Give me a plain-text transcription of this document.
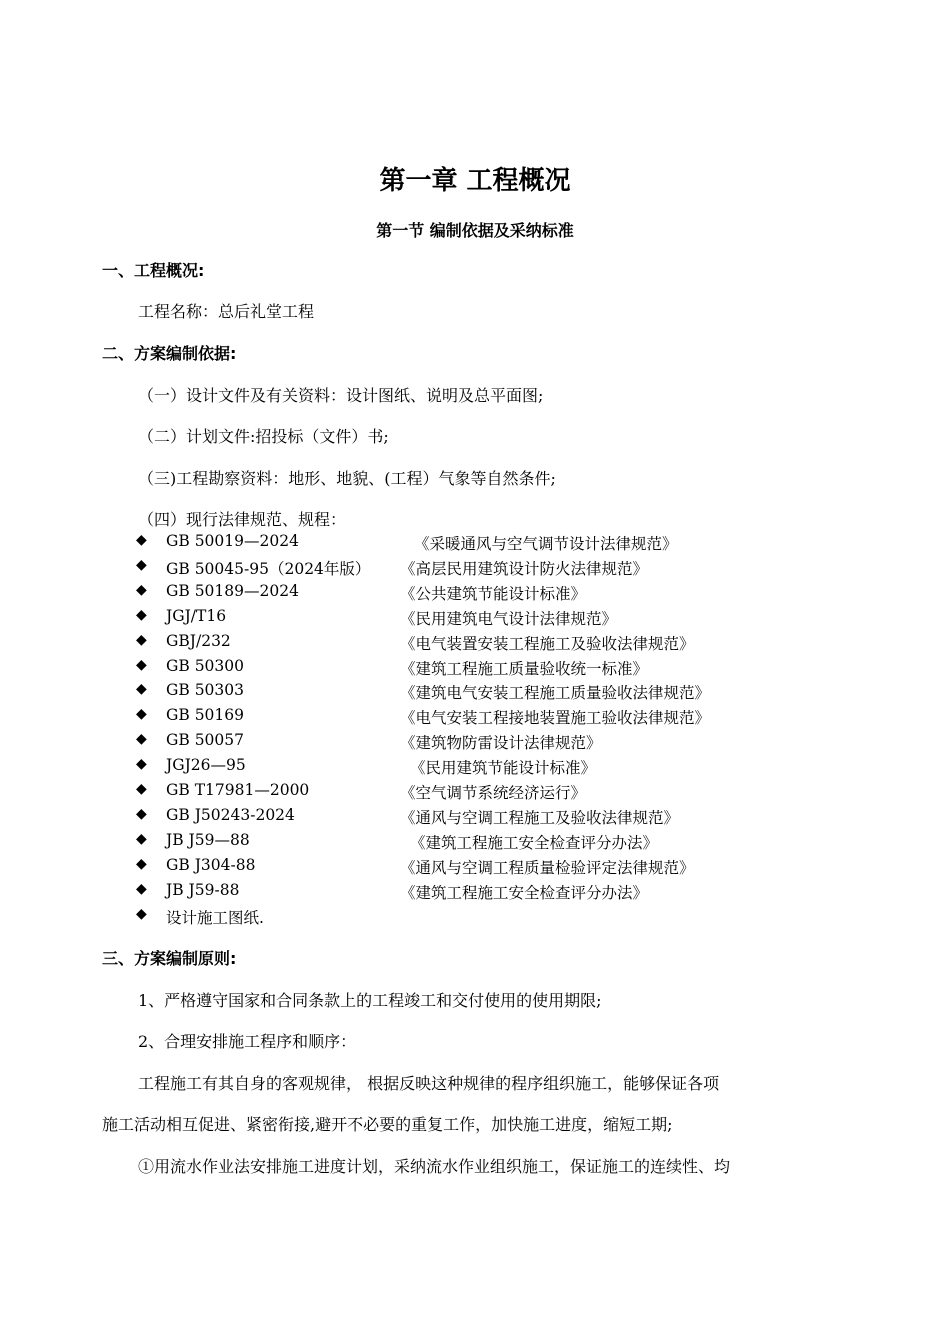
第一章 工程概况
第一节 编制依据及采纳标准
一、工程概况:
工程名称：总后礼堂工程
二、方案编制依据:
（一）设计文件及有关资料：设计图纸、说明及总平面图;
（二）计划文件:招投标（文件）书;
（三)工程勘察资料：地形、地貌、(工程）气象等自然条件;
（四）现行法律规范、规程：
◆ GB 50019—2024	《采暖通风与空气调节设计法律规范》
◆ GB 50045-95（2024年版） 《高层民用建筑设计防火法律规范》
◆ GB 50189—2024	《公共建筑节能设计标准》
◆ JGJ/T16	《民用建筑电气设计法律规范》
◆ GBJ/232	《电气装置安装工程施工及验收法律规范》
◆ GB 50300	《建筑工程施工质量验收统一标准》
◆ GB 50303	《建筑电气安装工程施工质量验收法律规范》
◆ GB 50169	《电气安装工程接地装置施工验收法律规范》
◆ GB 50057	《建筑物防雷设计法律规范》
◆ JGJ26—95	《民用建筑节能设计标准》
◆ GB T17981—2000	《空气调节系统经济运行》
◆ GB J50243-2024	《通风与空调工程施工及验收法律规范》
◆ JB J59—88	《建筑工程施工安全检查评分办法》
◆ GB J304-88	《通风与空调工程质量检验评定法律规范》
◆ JB J59-88	《建筑工程施工安全检查评分办法》
◆ 设计施工图纸.
三、方案编制原则:
1、严格遵守国家和合同条款上的工程竣工和交付使用的使用期限;
2、合理安排施工程序和顺序：
工程施工有其自身的客观规律， 根据反映这种规律的程序组织施工，能够保证各项
施工活动相互促进、紧密衔接,避开不必要的重复工作，加快施工进度，缩短工期;
①用流水作业法安排施工进度计划，采纳流水作业组织施工，保证施工的连续性、均
